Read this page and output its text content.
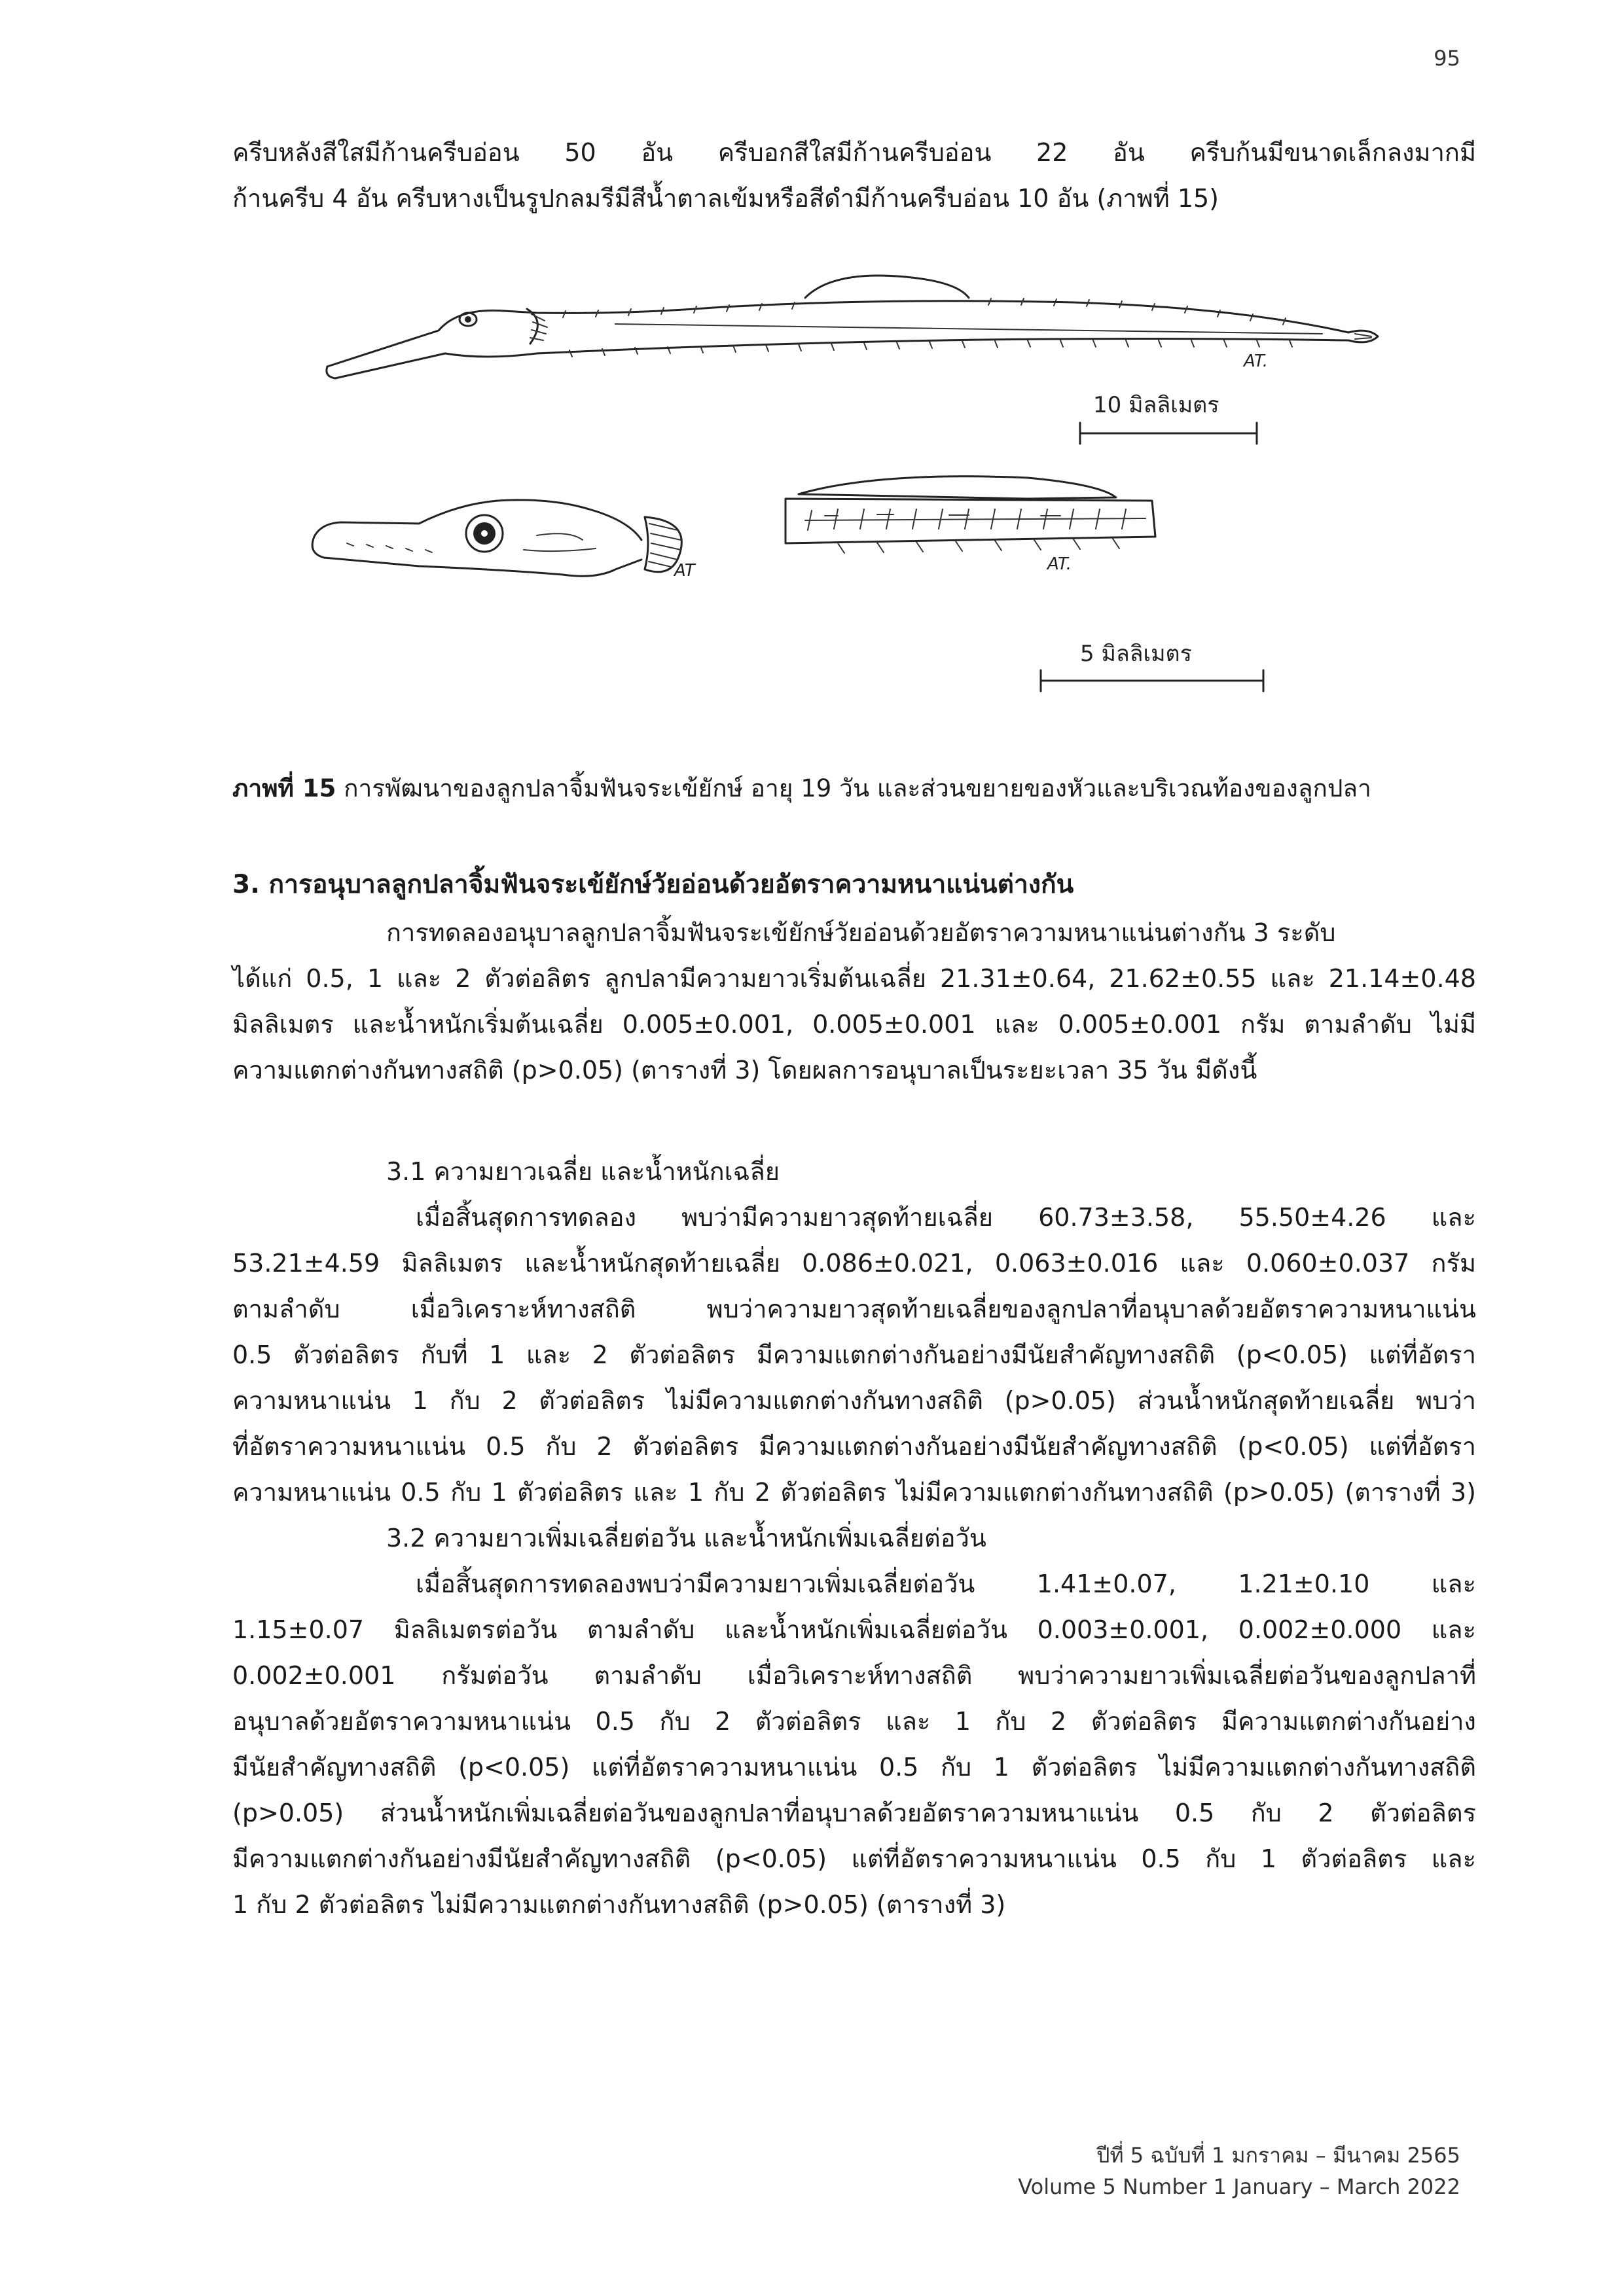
95
ครีบหลังสีใสมีก้านครีบอ่อน 50 อัน ครีบอกสีใสมีก้านครีบอ่อน 22 อัน ครีบก้นมีขนาดเล็กลงมากมี
ก้านครีบ 4 อัน ครีบหางเป็นรูปกลมรีมีสีน้ำตาลเข้มหรือสีดำมีก้านครีบอ่อน 10 อัน (ภาพที่ 15)
AT.
10 มิลลิเมตร
AT	AT.
5 มิลลิเมตร

ภาพที่ 15 การพัฒนาของลูกปลาจิ้มฟันจระเข้ยักษ์ อายุ 19 วัน และส่วนขยายของหัวและบริเวณท้องของลูกปลา

3. การอนุบาลลูกปลาจิ้มฟันจระเข้ยักษ์วัยอ่อนด้วยอัตราความหนาแน่นต่างกัน
การทดลองอนุบาลลูกปลาจิ้มฟันจระเข้ยักษ์วัยอ่อนด้วยอัตราความหนาแน่นต่างกัน 3 ระดับ
ได้แก่ 0.5, 1 และ 2 ตัวต่อลิตร ลูกปลามีความยาวเริ่มต้นเฉลี่ย 21.31±0.64, 21.62±0.55 และ 21.14±0.48
มิลลิเมตร และน้ำหนักเริ่มต้นเฉลี่ย 0.005±0.001, 0.005±0.001 และ 0.005±0.001 กรัม ตามลำดับ ไม่มี
ความแตกต่างกันทางสถิติ (p>0.05) (ตารางที่ 3) โดยผลการอนุบาลเป็นระยะเวลา 35 วัน มีดังนี้

3.1 ความยาวเฉลี่ย และน้ำหนักเฉลี่ย

เมื่อสิ้นสุดการทดลอง พบว่ามีความยาวสุดท้ายเฉลี่ย 60.73±3.58, 55.50±4.26 และ
53.21±4.59 มิลลิเมตร และน้ำหนักสุดท้ายเฉลี่ย 0.086±0.021, 0.063±0.016 และ 0.060±0.037 กรัม
ตามลำดับ เมื่อวิเคราะห์ทางสถิติ พบว่าความยาวสุดท้ายเฉลี่ยของลูกปลาที่อนุบาลด้วยอัตราความหนาแน่น
0.5 ตัวต่อลิตร กับที่ 1 และ 2 ตัวต่อลิตร มีความแตกต่างกันอย่างมีนัยสำคัญทางสถิติ (p<0.05) แต่ที่อัตรา
ความหนาแน่น 1 กับ 2 ตัวต่อลิตร ไม่มีความแตกต่างกันทางสถิติ (p>0.05) ส่วนน้ำหนักสุดท้ายเฉลี่ย พบว่า
ที่อัตราความหนาแน่น 0.5 กับ 2 ตัวต่อลิตร มีความแตกต่างกันอย่างมีนัยสำคัญทางสถิติ (p<0.05) แต่ที่อัตรา
ความหนาแน่น 0.5 กับ 1 ตัวต่อลิตร และ 1 กับ 2 ตัวต่อลิตร ไม่มีความแตกต่างกันทางสถิติ (p>0.05) (ตารางที่ 3)

3.2 ความยาวเพิ่มเฉลี่ยต่อวัน และน้ำหนักเพิ่มเฉลี่ยต่อวัน

เมื่อสิ้นสุดการทดลองพบว่ามีความยาวเพิ่มเฉลี่ยต่อวัน 1.41±0.07, 1.21±0.10 และ
1.15±0.07 มิลลิเมตรต่อวัน ตามลำดับ และน้ำหนักเพิ่มเฉลี่ยต่อวัน 0.003±0.001, 0.002±0.000 และ
0.002±0.001 กรัมต่อวัน ตามลำดับ เมื่อวิเคราะห์ทางสถิติ พบว่าความยาวเพิ่มเฉลี่ยต่อวันของลูกปลาที่
อนุบาลด้วยอัตราความหนาแน่น 0.5 กับ 2 ตัวต่อลิตร และ 1 กับ 2 ตัวต่อลิตร มีความแตกต่างกันอย่าง
มีนัยสำคัญทางสถิติ (p<0.05) แต่ที่อัตราความหนาแน่น 0.5 กับ 1 ตัวต่อลิตร ไม่มีความแตกต่างกันทางสถิติ
(p>0.05) ส่วนน้ำหนักเพิ่มเฉลี่ยต่อวันของลูกปลาที่อนุบาลด้วยอัตราความหนาแน่น 0.5 กับ 2 ตัวต่อลิตร
มีความแตกต่างกันอย่างมีนัยสำคัญทางสถิติ (p<0.05) แต่ที่อัตราความหนาแน่น 0.5 กับ 1 ตัวต่อลิตร และ
1 กับ 2 ตัวต่อลิตร ไม่มีความแตกต่างกันทางสถิติ (p>0.05) (ตารางที่ 3)
ปีที่ 5 ฉบับที่ 1 มกราคม – มีนาคม 2565
Volume 5 Number 1 January – March 2022
